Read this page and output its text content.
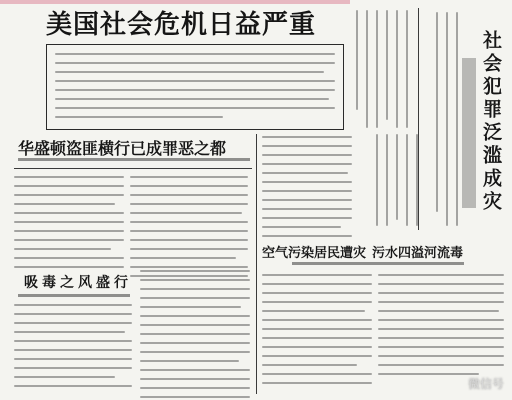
美国社会危机日益严重
华盛顿盗匪横行已成罪恶之都
吸毒之风盛行
空气污染居民遭灾 污水四溢河流毒
社会犯罪泛滥成灾
微信号
